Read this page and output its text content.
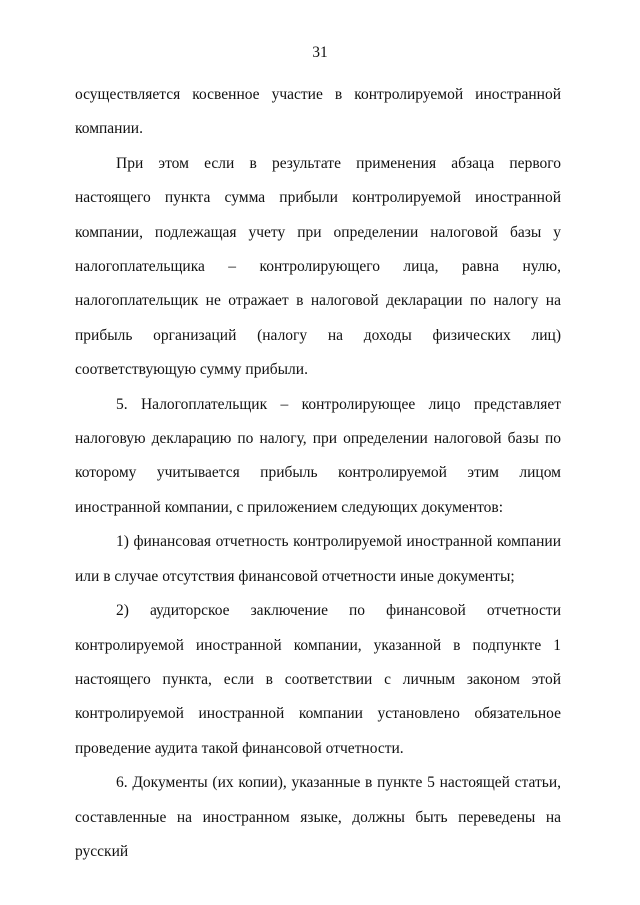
31

осуществляется косвенное участие в контролируемой иностранной компании.

При этом если в результате применения абзаца первого настоящего пункта сумма прибыли контролируемой иностранной компании, подлежащая учету при определении налоговой базы у налогоплательщика – контролирующего лица, равна нулю, налогоплательщик не отражает в налоговой декларации по налогу на прибыль организаций (налогу на доходы физических лиц) соответствующую сумму прибыли.

5. Налогоплательщик – контролирующее лицо представляет налоговую декларацию по налогу, при определении налоговой базы по которому учитывается прибыль контролируемой этим лицом иностранной компании, с приложением следующих документов:

1) финансовая отчетность контролируемой иностранной компании или в случае отсутствия финансовой отчетности иные документы;

2) аудиторское заключение по финансовой отчетности контролируемой иностранной компании, указанной в подпункте 1 настоящего пункта, если в соответствии с личным законом этой контролируемой иностранной компании установлено обязательное проведение аудита такой финансовой отчетности.

6. Документы (их копии), указанные в пункте 5 настоящей статьи, составленные на иностранном языке, должны быть переведены на русский
